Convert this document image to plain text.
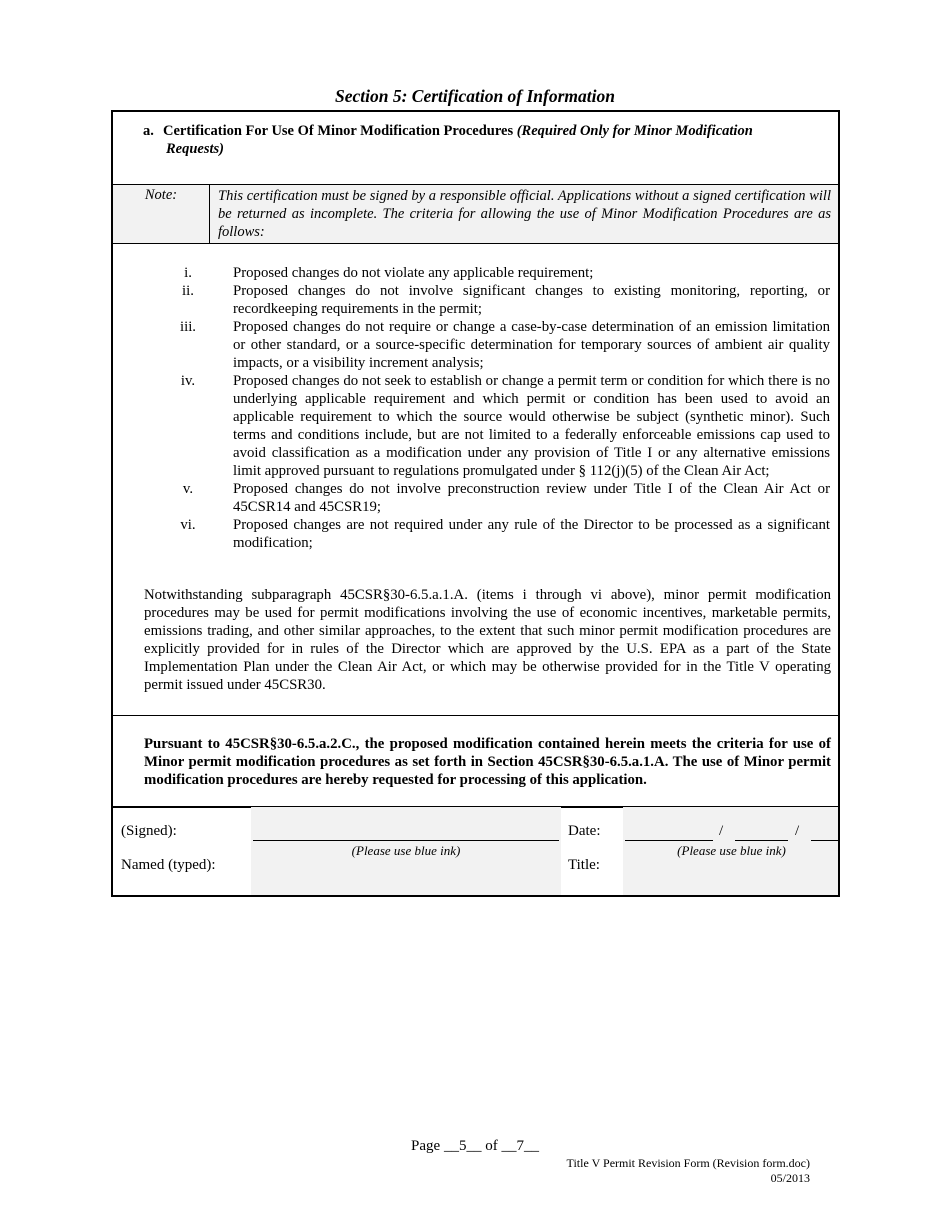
Section 5: Certification of Information
a. Certification For Use Of Minor Modification Procedures (Required Only for Minor Modification
Requests)
Note:	This certification must be signed by a responsible official. Applications without a signed certification will be returned as incomplete. The criteria for allowing the use of Minor Modification Procedures are as follows:
i.	Proposed changes do not violate any applicable requirement;
ii.	Proposed changes do not involve significant changes to existing monitoring, reporting, or recordkeeping requirements in the permit;
iii.	Proposed changes do not require or change a case-by-case determination of an emission limitation or other standard, or a source-specific determination for temporary sources of ambient air quality impacts, or a visibility increment analysis;
iv.	Proposed changes do not seek to establish or change a permit term or condition for which there is no underlying applicable requirement and which permit or condition has been used to avoid an applicable requirement to which the source would otherwise be subject (synthetic minor). Such terms and conditions include, but are not limited to a federally enforceable emissions cap used to avoid classification as a modification under any provision of Title I or any alternative emissions limit approved pursuant to regulations promulgated under § 112(j)(5) of the Clean Air Act;
v.	Proposed changes do not involve preconstruction review under Title I of the Clean Air Act or 45CSR14 and 45CSR19;
vi.	Proposed changes are not required under any rule of the Director to be processed as a significant modification;
Notwithstanding subparagraph 45CSR§30-6.5.a.1.A. (items i through vi above), minor permit modification procedures may be used for permit modifications involving the use of economic incentives, marketable permits, emissions trading, and other similar approaches, to the extent that such minor permit modification procedures are explicitly provided for in rules of the Director which are approved by the U.S. EPA as a part of the State Implementation Plan under the Clean Air Act, or which may be otherwise provided for in the Title V operating permit issued under 45CSR30.
Pursuant to 45CSR§30-6.5.a.2.C., the proposed modification contained herein meets the criteria for use of Minor permit modification procedures as set forth in Section 45CSR§30-6.5.a.1.A. The use of Minor permit modification procedures are hereby requested for processing of this application.
(Signed):
Named (typed):
Date:
Title:
(Please use blue ink)
/	/
(Please use blue ink)
Page __5__ of __7__
Title V Permit Revision Form (Revision form.doc)
05/2013
